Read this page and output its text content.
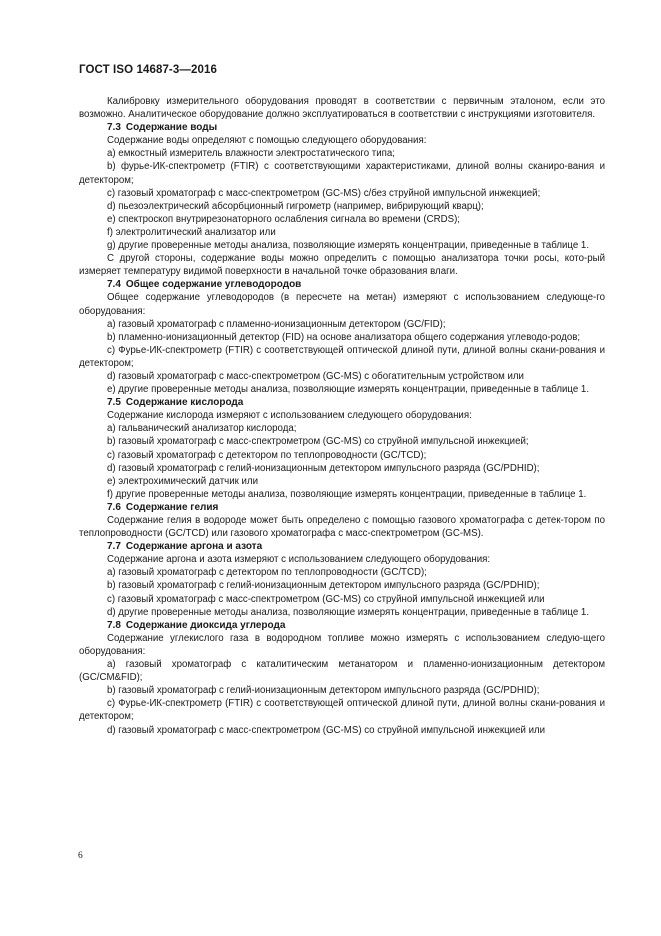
ГОСТ ISO 14687-3—2016

Калибровку измерительного оборудования проводят в соответствии с первичным эталоном, если это возможно. Аналитическое оборудование должно эксплуатироваться в соответствии с инструкциями изготовителя.

7.3 Содержание воды

Содержание воды определяют с помощью следующего оборудования:

a) емкостный измеритель влажности электростатического типа;

b) фурье-ИК-спектрометр (FTIR) с соответствующими характеристиками, длиной волны сканиро-вания и детектором;

c) газовый хроматограф с масс-спектрометром (GC-MS) с/без струйной импульсной инжекцией;

d) пьезоэлектрический абсорбционный гигрометр (например, вибрирующий кварц);

e) спектроскоп внутрирезонаторного ослабления сигнала во времени (CRDS);

f) электролитический анализатор или

g) другие проверенные методы анализа, позволяющие измерять концентрации, приведенные в таблице 1.

С другой стороны, содержание воды можно определить с помощью анализатора точки росы, кото-рый измеряет температуру видимой поверхности в начальной точке образования влаги.

7.4 Общее содержание углеводородов

Общее содержание углеводородов (в пересчете на метан) измеряют с использованием следующе-го оборудования:

a) газовый хроматограф с пламенно-ионизационным детектором (GC/FID);

b) пламенно-ионизационный детектор (FID) на основе анализатора общего содержания углеводо-родов;

c) Фурье-ИК-спектрометр (FTIR) с соответствующей оптической длиной пути, длиной волны скани-рования и детектором;

d) газовый хроматограф с масс-спектрометром (GC-MS) с обогатительным устройством или

e) другие проверенные методы анализа, позволяющие измерять концентрации, приведенные в таблице 1.

7.5 Содержание кислорода

Содержание кислорода измеряют с использованием следующего оборудования:

a) гальванический анализатор кислорода;

b) газовый хроматограф с масс-спектрометром (GC-MS) со струйной импульсной инжекцией;

c) газовый хроматограф с детектором по теплопроводности (GC/TCD);

d) газовый хроматограф с гелий-ионизационным детектором импульсного разряда (GC/PDHID);

e) электрохимический датчик или

f) другие проверенные методы анализа, позволяющие измерять концентрации, приведенные в таблице 1.

7.6 Содержание гелия

Содержание гелия в водороде может быть определено с помощью газового хроматографа с детек-тором по теплопроводности (GC/TCD) или газового хроматографа с масс-спектрометром (GC-MS).

7.7 Содержание аргона и азота

Содержание аргона и азота измеряют с использованием следующего оборудования:

a) газовый хроматограф с детектором по теплопроводности (GC/TCD);

b) газовый хроматограф с гелий-ионизационным детектором импульсного разряда (GC/PDHID);

c) газовый хроматограф с масс-спектрометром (GC-MS) со струйной импульсной инжекцией или

d) другие проверенные методы анализа, позволяющие измерять концентрации, приведенные в таблице 1.

7.8 Содержание диоксида углерода

Содержание углекислого газа в водородном топливе можно измерять с использованием следую-щего оборудования:

a) газовый хроматограф с каталитическим метанатором и пламенно-ионизационным детектором (GC/CM&FID);

b) газовый хроматограф с гелий-ионизационным детектором импульсного разряда (GC/PDHID);

c) Фурье-ИК-спектрометр (FTIR) с соответствующей оптической длиной пути, длиной волны скани-рования и детектором;

d) газовый хроматограф с масс-спектрометром (GC-MS) со струйной импульсной инжекцией или

6
